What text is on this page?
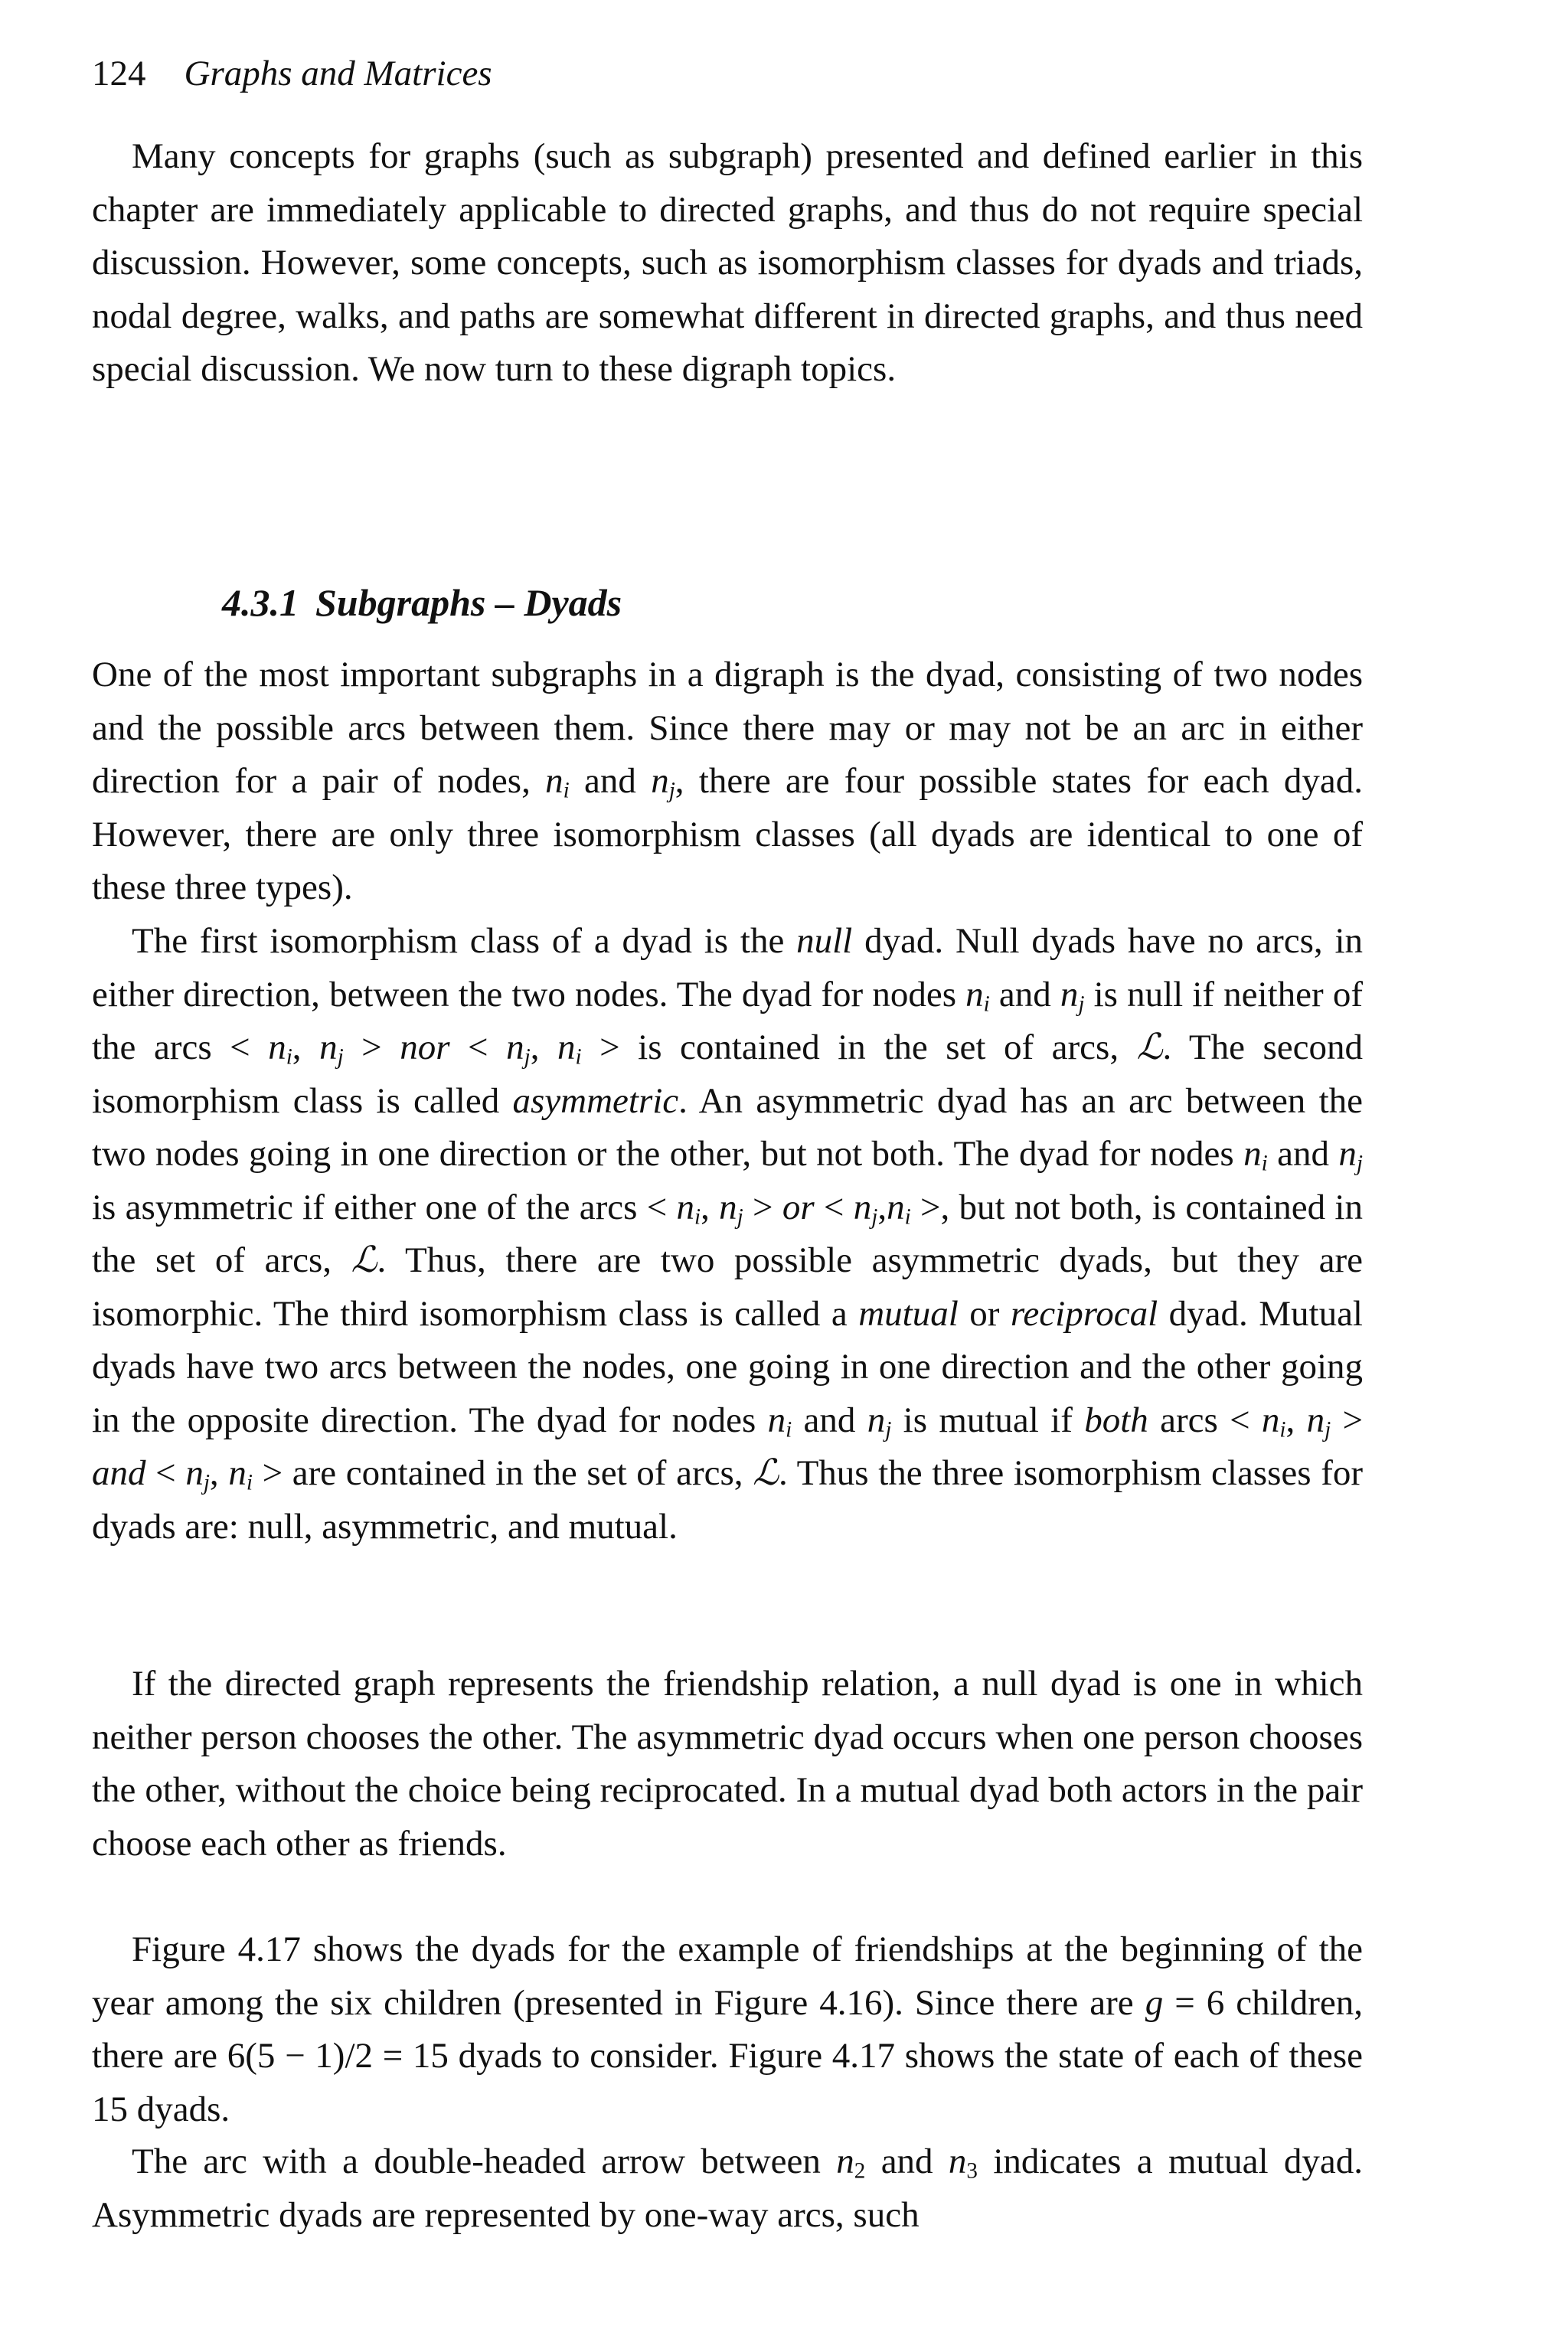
124 Graphs and Matrices
Many concepts for graphs (such as subgraph) presented and defined earlier in this chapter are immediately applicable to directed graphs, and thus do not require special discussion. However, some concepts, such as isomorphism classes for dyads and triads, nodal degree, walks, and paths are somewhat different in directed graphs, and thus need special discussion. We now turn to these digraph topics.
4.3.1 Subgraphs – Dyads
One of the most important subgraphs in a digraph is the dyad, consisting of two nodes and the possible arcs between them. Since there may or may not be an arc in either direction for a pair of nodes, $n_i$ and $n_j$, there are four possible states for each dyad. However, there are only three isomorphism classes (all dyads are identical to one of these three types).
The first isomorphism class of a dyad is the null dyad. Null dyads have no arcs, in either direction, between the two nodes. The dyad for nodes $n_i$ and $n_j$ is null if neither of the arcs < $n_i$, $n_j$ > nor < $n_j$, $n_i$ > is contained in the set of arcs, ℒ. The second isomorphism class is called asymmetric. An asymmetric dyad has an arc between the two nodes going in one direction or the other, but not both. The dyad for nodes $n_i$ and $n_j$ is asymmetric if either one of the arcs < $n_i$, $n_j$ > or < $n_j,n_i$ >, but not both, is contained in the set of arcs, ℒ. Thus, there are two possible asymmetric dyads, but they are isomorphic. The third isomorphism class is called a mutual or reciprocal dyad. Mutual dyads have two arcs between the nodes, one going in one direction and the other going in the opposite direction. The dyad for nodes $n_i$ and $n_j$ is mutual if both arcs < $n_i$, $n_j$ > and < $n_j$, $n_i$ > are contained in the set of arcs, ℒ. Thus the three isomorphism classes for dyads are: null, asymmetric, and mutual.
If the directed graph represents the friendship relation, a null dyad is one in which neither person chooses the other. The asymmetric dyad occurs when one person chooses the other, without the choice being reciprocated. In a mutual dyad both actors in the pair choose each other as friends.
Figure 4.17 shows the dyads for the example of friendships at the beginning of the year among the six children (presented in Figure 4.16). Since there are g = 6 children, there are 6(5 − 1)/2 = 15 dyads to consider. Figure 4.17 shows the state of each of these 15 dyads.
The arc with a double-headed arrow between $n_2$ and $n_3$ indicates a mutual dyad. Asymmetric dyads are represented by one-way arcs, such
